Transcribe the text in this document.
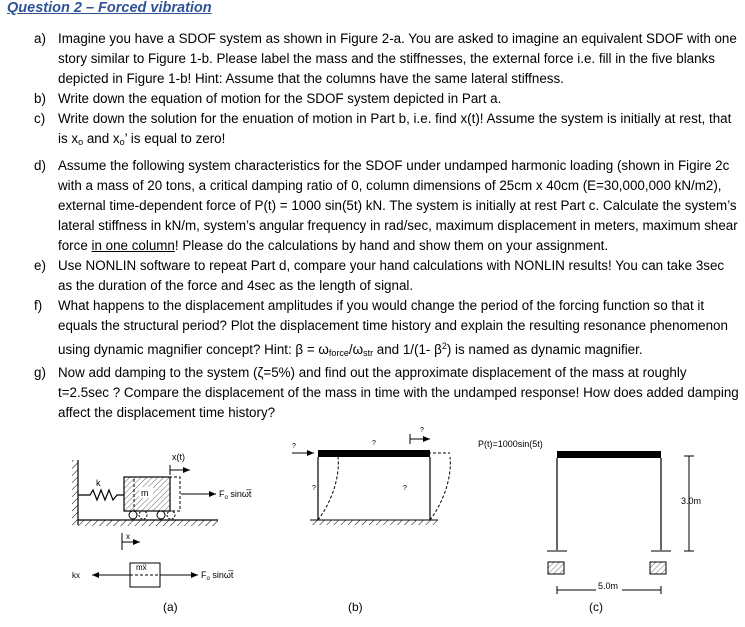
Question 2 – Forced vibration
a) Imagine you have a SDOF system as shown in Figure 2-a. You are asked to imagine an equivalent SDOF with one story similar to Figure 1-b. Please label the mass and the stiffnesses, the external force i.e. fill in the five blanks depicted in Figure 1-b! Hint: Assume that the columns have the same lateral stiffness.
b) Write down the equation of motion for the SDOF system depicted in Part a.
c) Write down the solution for the enuation of motion in Part b, i.e. find x(t)! Assume the system is initially at rest, that is $x_o$ and $x_o$’ is equal to zero!
d) Assume the following system characteristics for the SDOF under undamped harmonic loading (shown in Figire 2c with a mass of 20 tons, a critical damping ratio of 0, column dimensions of 25cm x 40cm (E=30,000,000 kN/m2), external time-dependent force of P(t) = 1000 sin(5t) kN. The system is initially at rest Part c. Calculate the system’s lateral stiffness in kN/m, system’s angular frequency in rad/sec, maximum displacement in meters, maximum shear force in one column! Please do the calculations by hand and show them on your assignment.
e) Use NONLIN software to repeat Part d, compare your hand calculations with NONLIN results! You can take 3sec as the duration of the force and 4sec as the length of signal.
f) What happens to the displacement amplitudes if you would change the period of the forcing function so that it equals the structural period? Plot the displacement time history and explain the resulting resonance phenomenon using dynamic magnifier concept? Hint: $\beta = \omega_{force}/\omega_{str}$ and 1/(1- $\beta^2$) is named as dynamic magnifier.
g) Now add damping to the system (ζ=5%) and find out the approximate displacement of the mass at roughly t=2.5sec ? Compare the displacement of the mass in time with the undamped response! How does added damping affect the displacement time history?
k
m
x(t)
$F_o$ sinω̅t
x
mẍ
kx	$F_o$ sinω̅t
(a)
?	?
?
?	?
(b)
P(t)=1000sin(5t)
3.0m
5.0m
(c)
